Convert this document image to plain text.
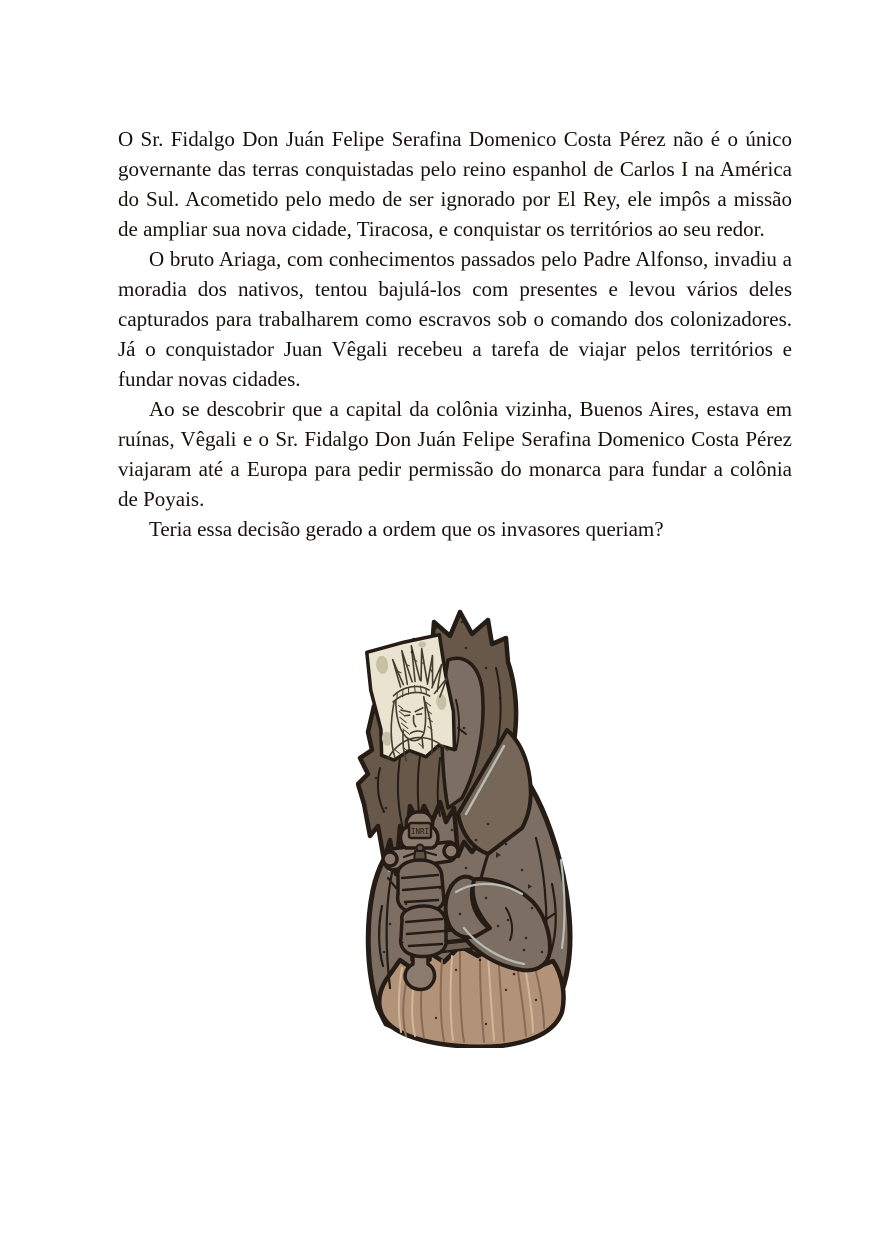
O Sr. Fidalgo Don Juán Felipe Serafina Domenico Costa Pérez não é o único governante das terras conquistadas pelo reino espanhol de Carlos I na América do Sul. Acometido pelo medo de ser ignorado por El Rey, ele impôs a missão de ampliar sua nova cidade, Tiracosa, e conquistar os territórios ao seu redor.

O bruto Ariaga, com conhecimentos passados pelo Padre Alfonso, invadiu a moradia dos nativos, tentou bajulá-los com presentes e levou vários deles capturados para trabalharem como escravos sob o comando dos colonizadores. Já o conquistador Juan Vêgali recebeu a tarefa de viajar pelos territórios e fundar novas cidades.

Ao se descobrir que a capital da colônia vizinha, Buenos Aires, estava em ruínas, Vêgali e o Sr. Fidalgo Don Juán Felipe Serafina Domenico Costa Pérez viajaram até a Europa para pedir permissão do monarca para fundar a colônia de Poyais.

Teria essa decisão gerado a ordem que os invasores queriam?

INRI
